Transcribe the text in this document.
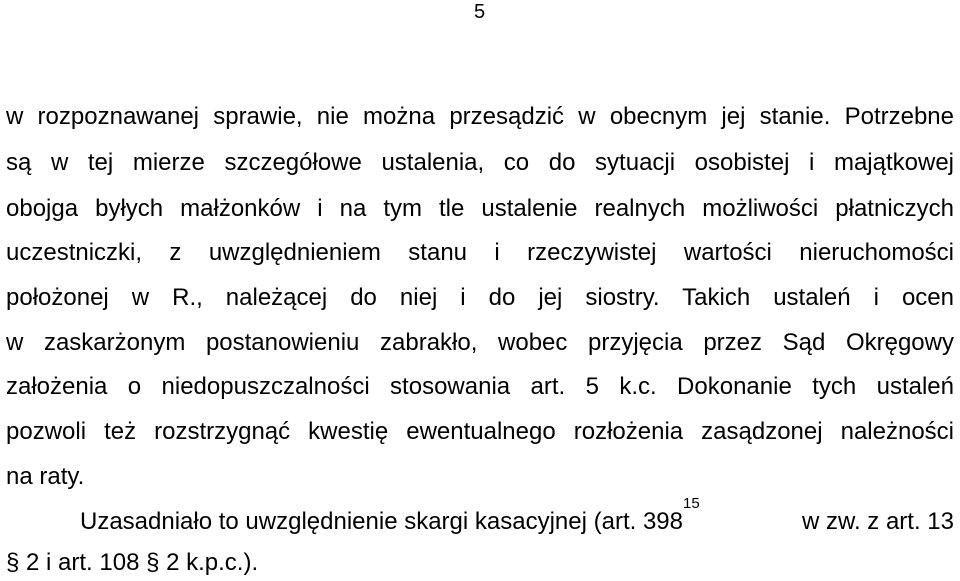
5
w rozpoznawanej sprawie, nie można przesądzić w obecnym jej stanie. Potrzebne
są w tej mierze szczegółowe ustalenia, co do sytuacji osobistej i majątkowej
obojga byłych małżonków i na tym tle ustalenie realnych możliwości płatniczych
uczestniczki, z uwzględnieniem stanu i rzeczywistej wartości nieruchomości
położonej w R., należącej do niej i do jej siostry. Takich ustaleń i ocen
w zaskarżonym postanowieniu zabrakło, wobec przyjęcia przez Sąd Okręgowy
założenia o niedopuszczalności stosowania art. 5 k.c. Dokonanie tych ustaleń
pozwoli też rozstrzygnąć kwestię ewentualnego rozłożenia zasądzonej należności
na raty.
Uzasadniało to uwzględnienie skargi kasacyjnej (art. $398^{15}$
w zw. z art. 13
§ 2 i art. 108 § 2 k.p.c.).
